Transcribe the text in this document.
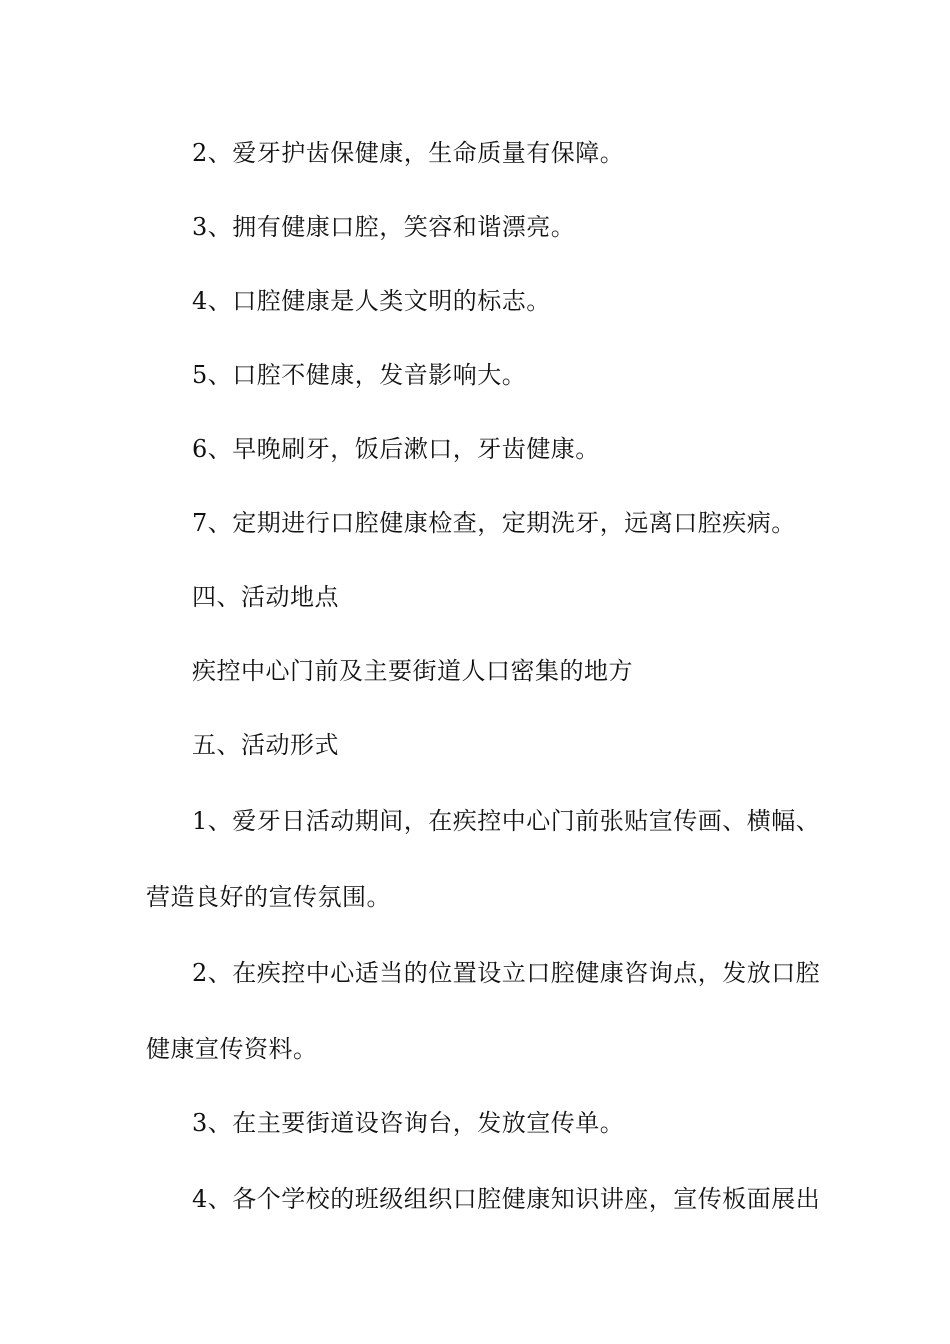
2、爱牙护齿保健康，生命质量有保障。
3、拥有健康口腔，笑容和谐漂亮。
4、口腔健康是人类文明的标志。
5、口腔不健康，发音影响大。
6、早晚刷牙，饭后漱口，牙齿健康。
7、定期进行口腔健康检查，定期洗牙，远离口腔疾病。
四、活动地点
疾控中心门前及主要街道人口密集的地方
五、活动形式
1、爱牙日活动期间，在疾控中心门前张贴宣传画、横幅、
营造良好的宣传氛围。
2、在疾控中心适当的位置设立口腔健康咨询点，发放口腔
健康宣传资料。
3、在主要街道设咨询台，发放宣传单。
4、各个学校的班级组织口腔健康知识讲座，宣传板面展出
